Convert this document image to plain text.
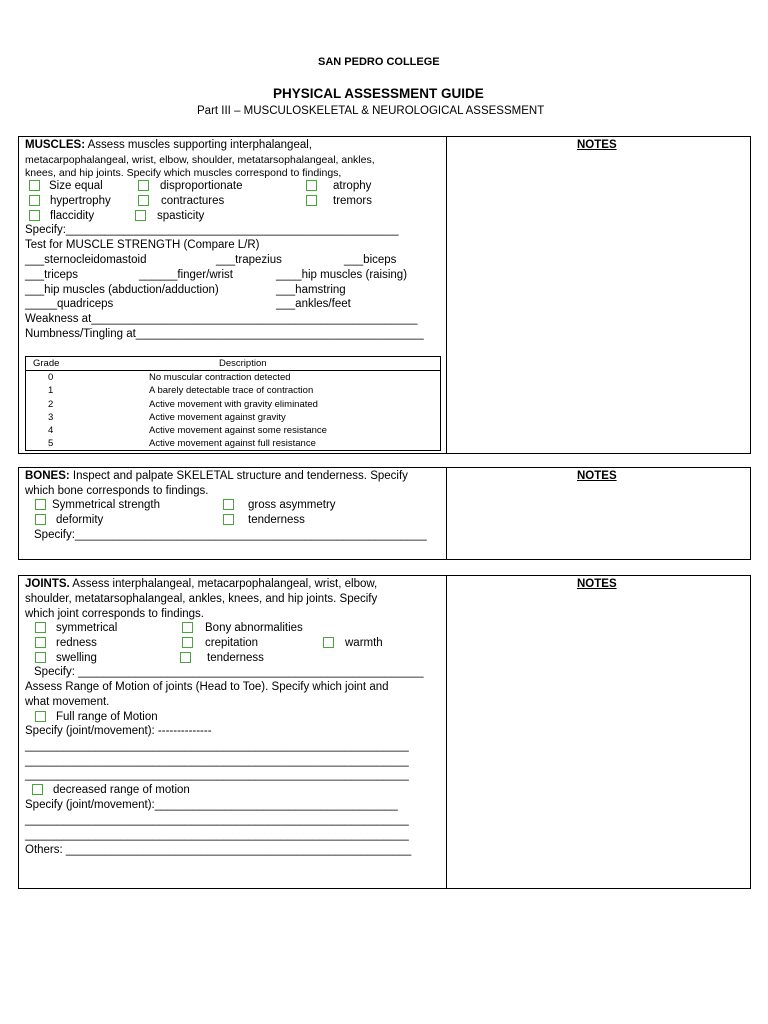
SAN PEDRO COLLEGE
PHYSICAL ASSESSMENT GUIDE
Part III – MUSCULOSKELETAL & NEUROLOGICAL ASSESSMENT
NOTES
MUSCLES: Assess muscles supporting interphalangeal,
metacarpophalangeal, wrist, elbow, shoulder, metatarsophalangeal, ankles,
knees, and hip joints. Specify which muscles correspond to findings,
Size equal	disproportionate	atrophy
hypertrophy	contractures	tremors
flaccidity	spasticity
Specify:____________________________________________________
Test for MUSCLE STRENGTH (Compare L/R)
___sternocleidomastoid	___trapezius	___biceps
___triceps	______finger/wrist	____hip muscles (raising)
___hip muscles (abduction/adduction)	___hamstring
_____quadriceps	___ankles/feet
Weakness at___________________________________________________
Numbness/Tingling at_____________________________________________
Grade	Description
0	No muscular contraction detected
1	A barely detectable trace of contraction
2	Active movement with gravity eliminated
3	Active movement against gravity
4	Active movement against some resistance
5	Active movement against full resistance
NOTES
BONES: Inspect and palpate SKELETAL structure and tenderness. Specify
which bone corresponds to findings.
Symmetrical strength	gross asymmetry
deformity	tenderness
Specify:_______________________________________________________
NOTES
JOINTS. Assess interphalangeal, metacarpophalangeal, wrist, elbow,
shoulder, metatarsophalangeal, ankles, knees, and hip joints. Specify
which joint corresponds to findings.
symmetrical	Bony abnormalities
redness	crepitation	warmth
swelling	tenderness
Specify: ______________________________________________________
Assess Range of Motion of joints (Head to Toe). Specify which joint and
what movement.
Full range of Motion
Specify (joint/movement): --------------
____________________________________________________________
____________________________________________________________
____________________________________________________________
decreased range of motion
Specify (joint/movement):______________________________________
____________________________________________________________
____________________________________________________________
Others: ______________________________________________________
